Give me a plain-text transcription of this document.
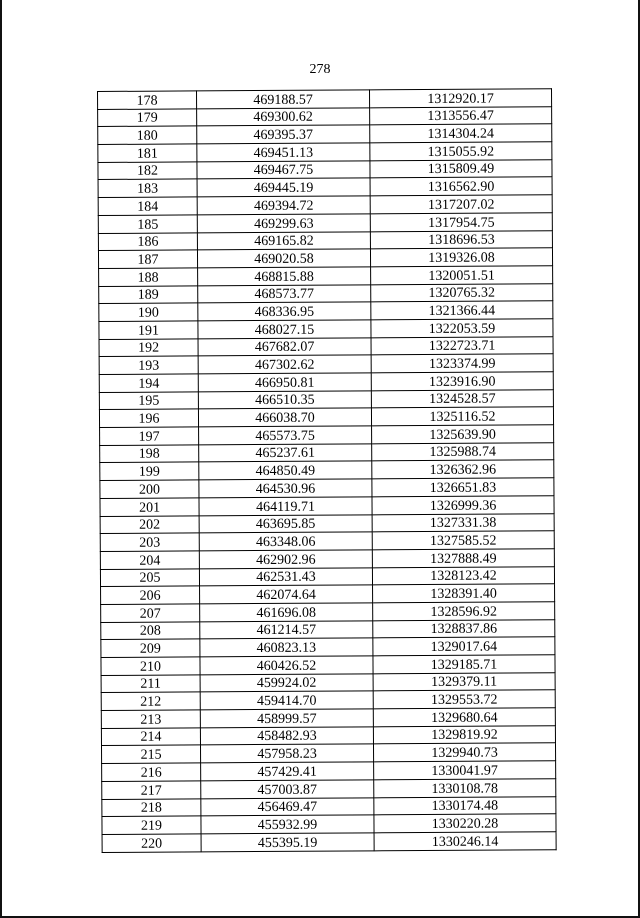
278
178	469188.57	1312920.17
179	469300.62	1313556.47
180	469395.37	1314304.24
181	469451.13	1315055.92
182	469467.75	1315809.49
183	469445.19	1316562.90
184	469394.72	1317207.02
185	469299.63	1317954.75
186	469165.82	1318696.53
187	469020.58	1319326.08
188	468815.88	1320051.51
189	468573.77	1320765.32
190	468336.95	1321366.44
191	468027.15	1322053.59
192	467682.07	1322723.71
193	467302.62	1323374.99
194	466950.81	1323916.90
195	466510.35	1324528.57
196	466038.70	1325116.52
197	465573.75	1325639.90
198	465237.61	1325988.74
199	464850.49	1326362.96
200	464530.96	1326651.83
201	464119.71	1326999.36
202	463695.85	1327331.38
203	463348.06	1327585.52
204	462902.96	1327888.49
205	462531.43	1328123.42
206	462074.64	1328391.40
207	461696.08	1328596.92
208	461214.57	1328837.86
209	460823.13	1329017.64
210	460426.52	1329185.71
211	459924.02	1329379.11
212	459414.70	1329553.72
213	458999.57	1329680.64
214	458482.93	1329819.92
215	457958.23	1329940.73
216	457429.41	1330041.97
217	457003.87	1330108.78
218	456469.47	1330174.48
219	455932.99	1330220.28
220	455395.19	1330246.14
